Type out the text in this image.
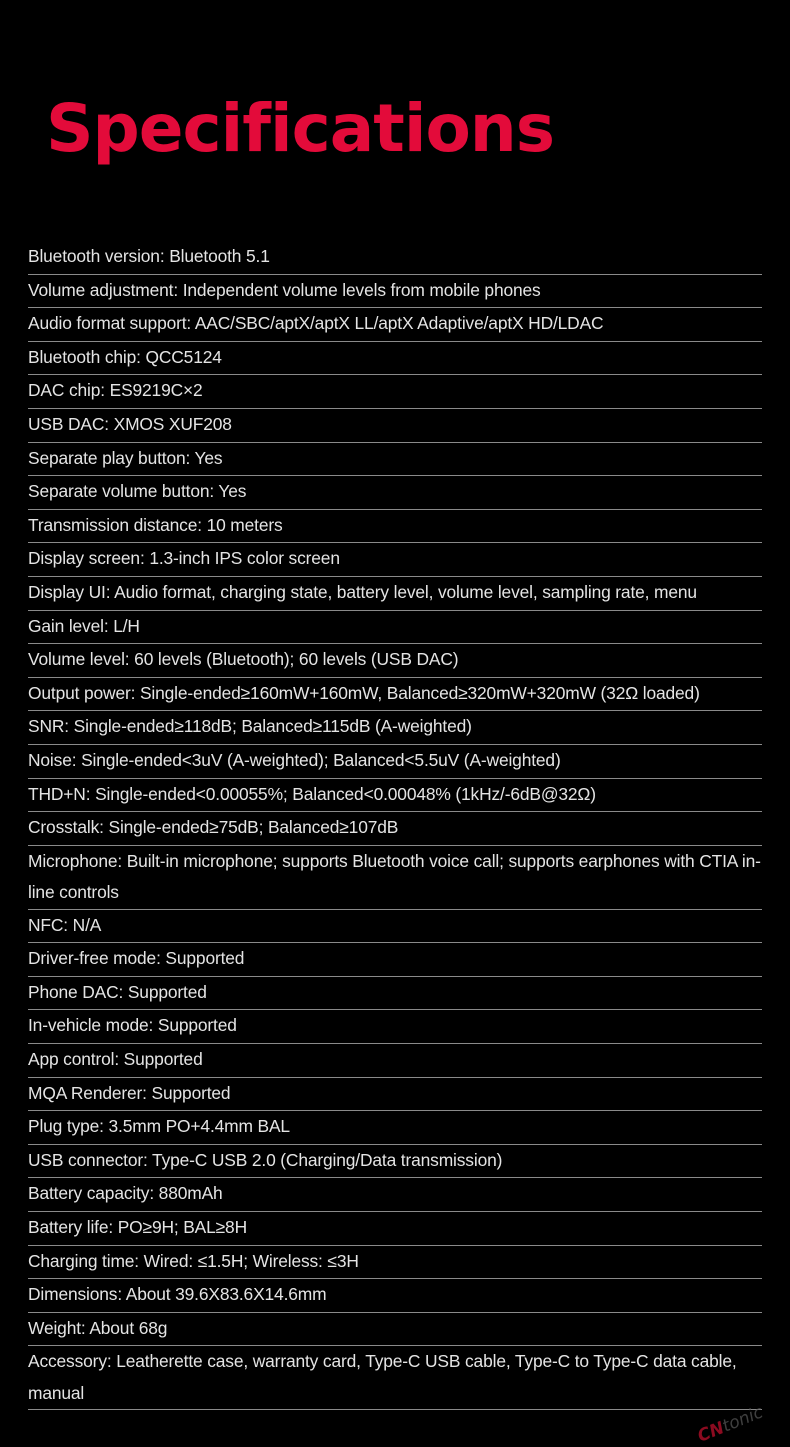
Specifications
Bluetooth version: Bluetooth 5.1
Volume adjustment: Independent volume levels from mobile phones
Audio format support: AAC/SBC/aptX/aptX LL/aptX Adaptive/aptX HD/LDAC
Bluetooth chip: QCC5124
DAC chip: ES9219C×2
USB DAC: XMOS XUF208
Separate play button: Yes
Separate volume button: Yes
Transmission distance: 10 meters
Display screen: 1.3-inch IPS color screen
Display UI: Audio format, charging state, battery level, volume level, sampling rate, menu
Gain level: L/H
Volume level: 60 levels (Bluetooth); 60 levels (USB DAC)
Output power: Single-ended≥160mW+160mW, Balanced≥320mW+320mW (32Ω loaded)
SNR: Single-ended≥118dB; Balanced≥115dB (A-weighted)
Noise: Single-ended<3uV (A-weighted); Balanced<5.5uV (A-weighted)
THD+N: Single-ended<0.00055%; Balanced<0.00048% (1kHz/-6dB@32Ω)
Crosstalk: Single-ended≥75dB; Balanced≥107dB
Microphone: Built-in microphone; supports Bluetooth voice call; supports earphones with CTIA in-line controls
NFC: N/A
Driver-free mode: Supported
Phone DAC: Supported
In-vehicle mode: Supported
App control: Supported
MQA Renderer: Supported
Plug type: 3.5mm PO+4.4mm BAL
USB connector: Type-C USB 2.0 (Charging/Data transmission)
Battery capacity: 880mAh
Battery life: PO≥9H; BAL≥8H
Charging time: Wired: ≤1.5H; Wireless: ≤3H
Dimensions: About 39.6X83.6X14.6mm
Weight: About 68g
Accessory: Leatherette case, warranty card, Type-C USB cable, Type-C to Type-C data cable, manual
CNtonic
